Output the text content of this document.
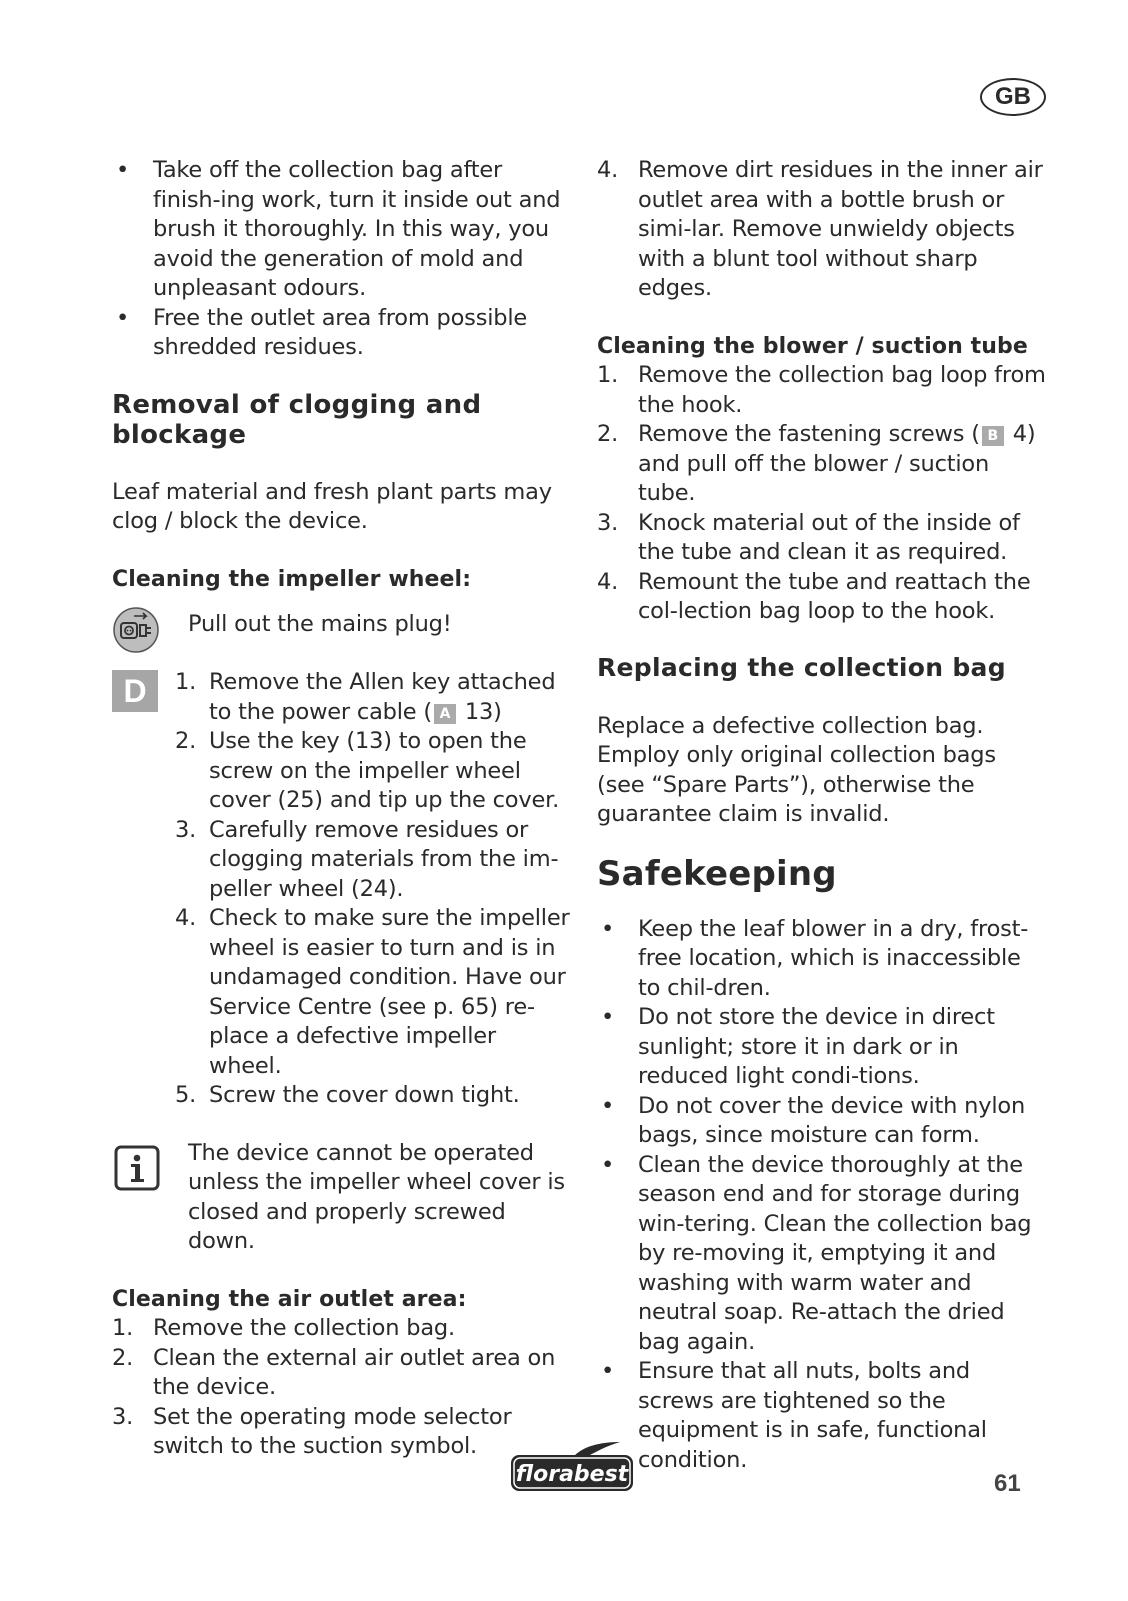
GB
• Take off the collection bag after finish-ing work, turn it inside out and brush it thoroughly. In this way, you avoid the generation of mold and unpleasant odours.
• Free the outlet area from possible shredded residues.
Removal of clogging and blockage

Leaf material and fresh plant parts may clog / block the device.

Cleaning the impeller wheel:

Pull out the mains plug!

D	1. Remove the Allen key attached to the power cable ( A 13)
2. Use the key (13) to open the screw on the impeller wheel cover (25) and tip up the cover.
3. Carefully remove residues or clogging materials from the im-peller wheel (24).
4. Check to make sure the impeller wheel is easier to turn and is in undamaged condition. Have our Service Centre (see p. 65) re-place a defective impeller wheel.
5. Screw the cover down tight.

The device cannot be operated unless the impeller wheel cover is closed and properly screwed down.

Cleaning the air outlet area:
1. Remove the collection bag.
2. Clean the external air outlet area on the device.
3. Set the operating mode selector switch to the suction symbol.
4. Remove dirt residues in the inner air outlet area with a bottle brush or simi-lar. Remove unwieldy objects with a blunt tool without sharp edges.
Cleaning the blower / suction tube
1. Remove the collection bag loop from the hook.
2. Remove the fastening screws ( B 4) and pull off the blower / suction tube.
3. Knock material out of the inside of the tube and clean it as required.
4. Remount the tube and reattach the col-lection bag loop to the hook.
Replacing the collection bag

Replace a defective collection bag. Employ only original collection bags (see “Spare Parts”), otherwise the guarantee claim is invalid.

Safekeeping
• Keep the leaf blower in a dry, frost-free location, which is inaccessible to chil-dren.
• Do not store the device in direct sunlight; store it in dark or in reduced light condi-tions.
• Do not cover the device with nylon bags, since moisture can form.
• Clean the device thoroughly at the season end and for storage during win-tering. Clean the collection bag by re-moving it, emptying it and washing with warm water and neutral soap. Re-attach the dried bag again.
• Ensure that all nuts, bolts and screws are tightened so the equipment is in safe, functional condition.
florabest	61
